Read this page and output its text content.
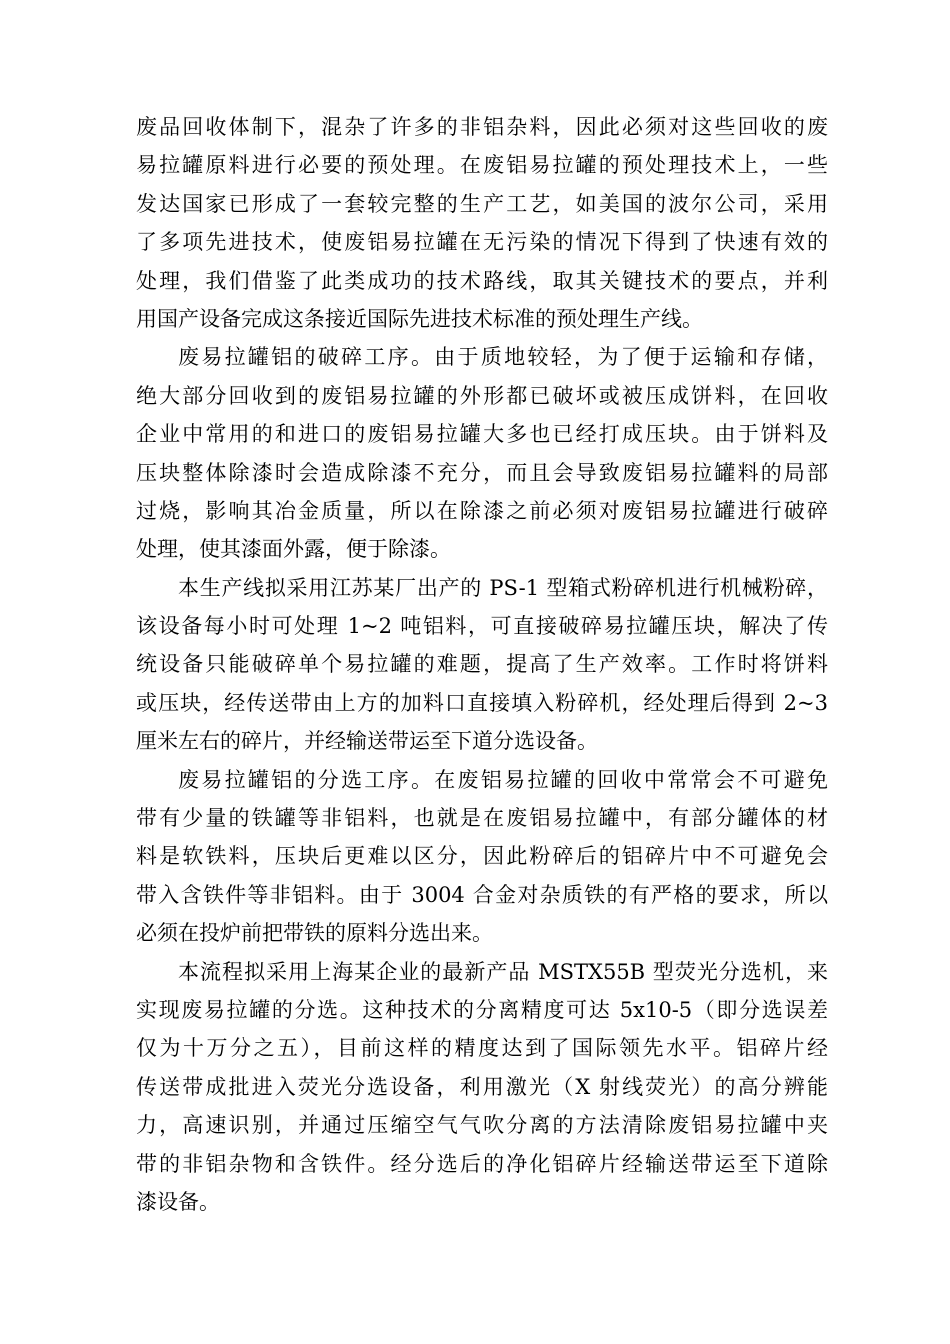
废品回收体制下，混杂了许多的非铝杂料，因此必须对这些回收的废
易拉罐原料进行必要的预处理。在废铝易拉罐的预处理技术上，一些
发达国家已形成了一套较完整的生产工艺，如美国的波尔公司，采用
了多项先进技术，使废铝易拉罐在无污染的情况下得到了快速有效的
处理，我们借鉴了此类成功的技术路线，取其关键技术的要点，并利
用国产设备完成这条接近国际先进技术标准的预处理生产线。
废易拉罐铝的破碎工序。由于质地较轻，为了便于运输和存储，
绝大部分回收到的废铝易拉罐的外形都已破坏或被压成饼料，在回收
企业中常用的和进口的废铝易拉罐大多也已经打成压块。由于饼料及
压块整体除漆时会造成除漆不充分，而且会导致废铝易拉罐料的局部
过烧，影响其冶金质量，所以在除漆之前必须对废铝易拉罐进行破碎
处理，使其漆面外露，便于除漆。
本生产线拟采用江苏某厂出产的 PS-1 型箱式粉碎机进行机械粉碎，
该设备每小时可处理 1~2 吨铝料，可直接破碎易拉罐压块，解决了传
统设备只能破碎单个易拉罐的难题，提高了生产效率。工作时将饼料
或压块，经传送带由上方的加料口直接填入粉碎机，经处理后得到 2~3
厘米左右的碎片，并经输送带运至下道分选设备。
废易拉罐铝的分选工序。在废铝易拉罐的回收中常常会不可避免
带有少量的铁罐等非铝料，也就是在废铝易拉罐中，有部分罐体的材
料是软铁料，压块后更难以区分，因此粉碎后的铝碎片中不可避免会
带入含铁件等非铝料。由于 3004 合金对杂质铁的有严格的要求，所以
必须在投炉前把带铁的原料分选出来。
本流程拟采用上海某企业的最新产品 MSTX55B 型荧光分选机，来
实现废易拉罐的分选。这种技术的分离精度可达 5x10-5（即分选误差
仅为十万分之五），目前这样的精度达到了国际领先水平。铝碎片经
传送带成批进入荧光分选设备，利用激光（X 射线荧光）的高分辨能
力，高速识别，并通过压缩空气气吹分离的方法清除废铝易拉罐中夹
带的非铝杂物和含铁件。经分选后的净化铝碎片经输送带运至下道除
漆设备。
